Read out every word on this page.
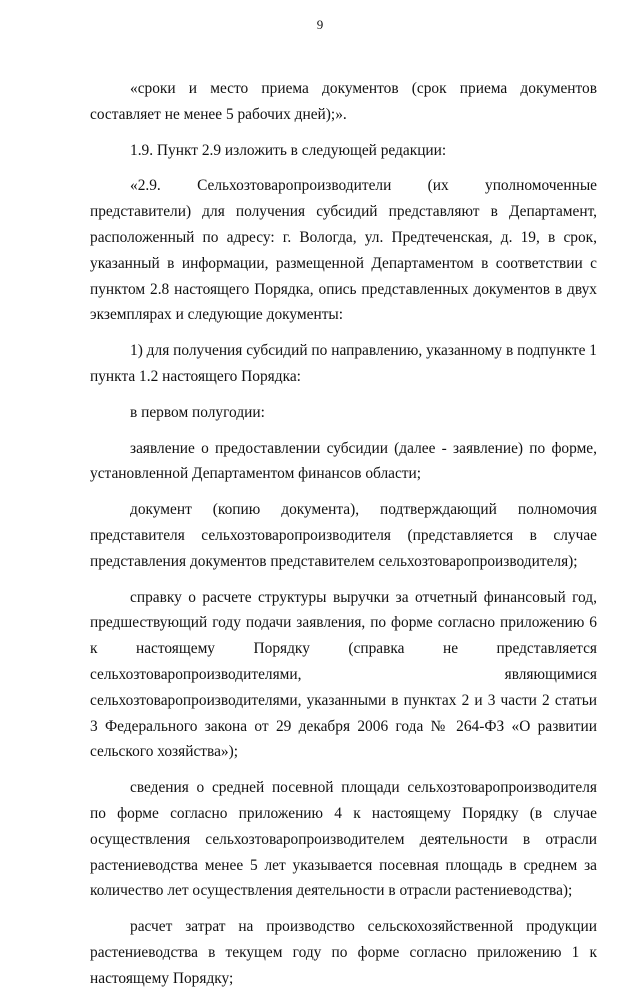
9

«сроки и место приема документов (срок приема документов составляет не менее 5 рабочих дней);».

1.9. Пункт 2.9 изложить в следующей редакции:

«2.9. Сельхозтоваропроизводители (их уполномоченные представители) для получения субсидий представляют в Департамент, расположенный по адресу: г. Вологда, ул. Предтеченская, д. 19, в срок, указанный в информации, размещенной Департаментом в соответствии с пунктом 2.8 настоящего Порядка, опись представленных документов в двух экземплярах и следующие документы:

1) для получения субсидий по направлению, указанному в подпункте 1 пункта 1.2 настоящего Порядка:

в первом полугодии:

заявление о предоставлении субсидии (далее - заявление) по форме, установленной Департаментом финансов области;

документ (копию документа), подтверждающий полномочия представителя сельхозтоваропроизводителя (представляется в случае представления документов представителем сельхозтоваропроизводителя);

справку о расчете структуры выручки за отчетный финансовый год, предшествующий году подачи заявления, по форме согласно приложению 6 к настоящему Порядку (справка не представляется сельхозтоваропроизводителями, являющимися сельхозтоваропроизводителями, указанными в пунктах 2 и 3 части 2 статьи 3 Федерального закона от 29 декабря 2006 года № 264-ФЗ «О развитии сельского хозяйства»);

сведения о средней посевной площади сельхозтоваропроизводителя по форме согласно приложению 4 к настоящему Порядку (в случае осуществления сельхозтоваропроизводителем деятельности в отрасли растениеводства менее 5 лет указывается посевная площадь в среднем за количество лет осуществления деятельности в отрасли растениеводства);

расчет затрат на производство сельскохозяйственной продукции растениеводства в текущем году по форме согласно приложению 1 к настоящему Порядку;
